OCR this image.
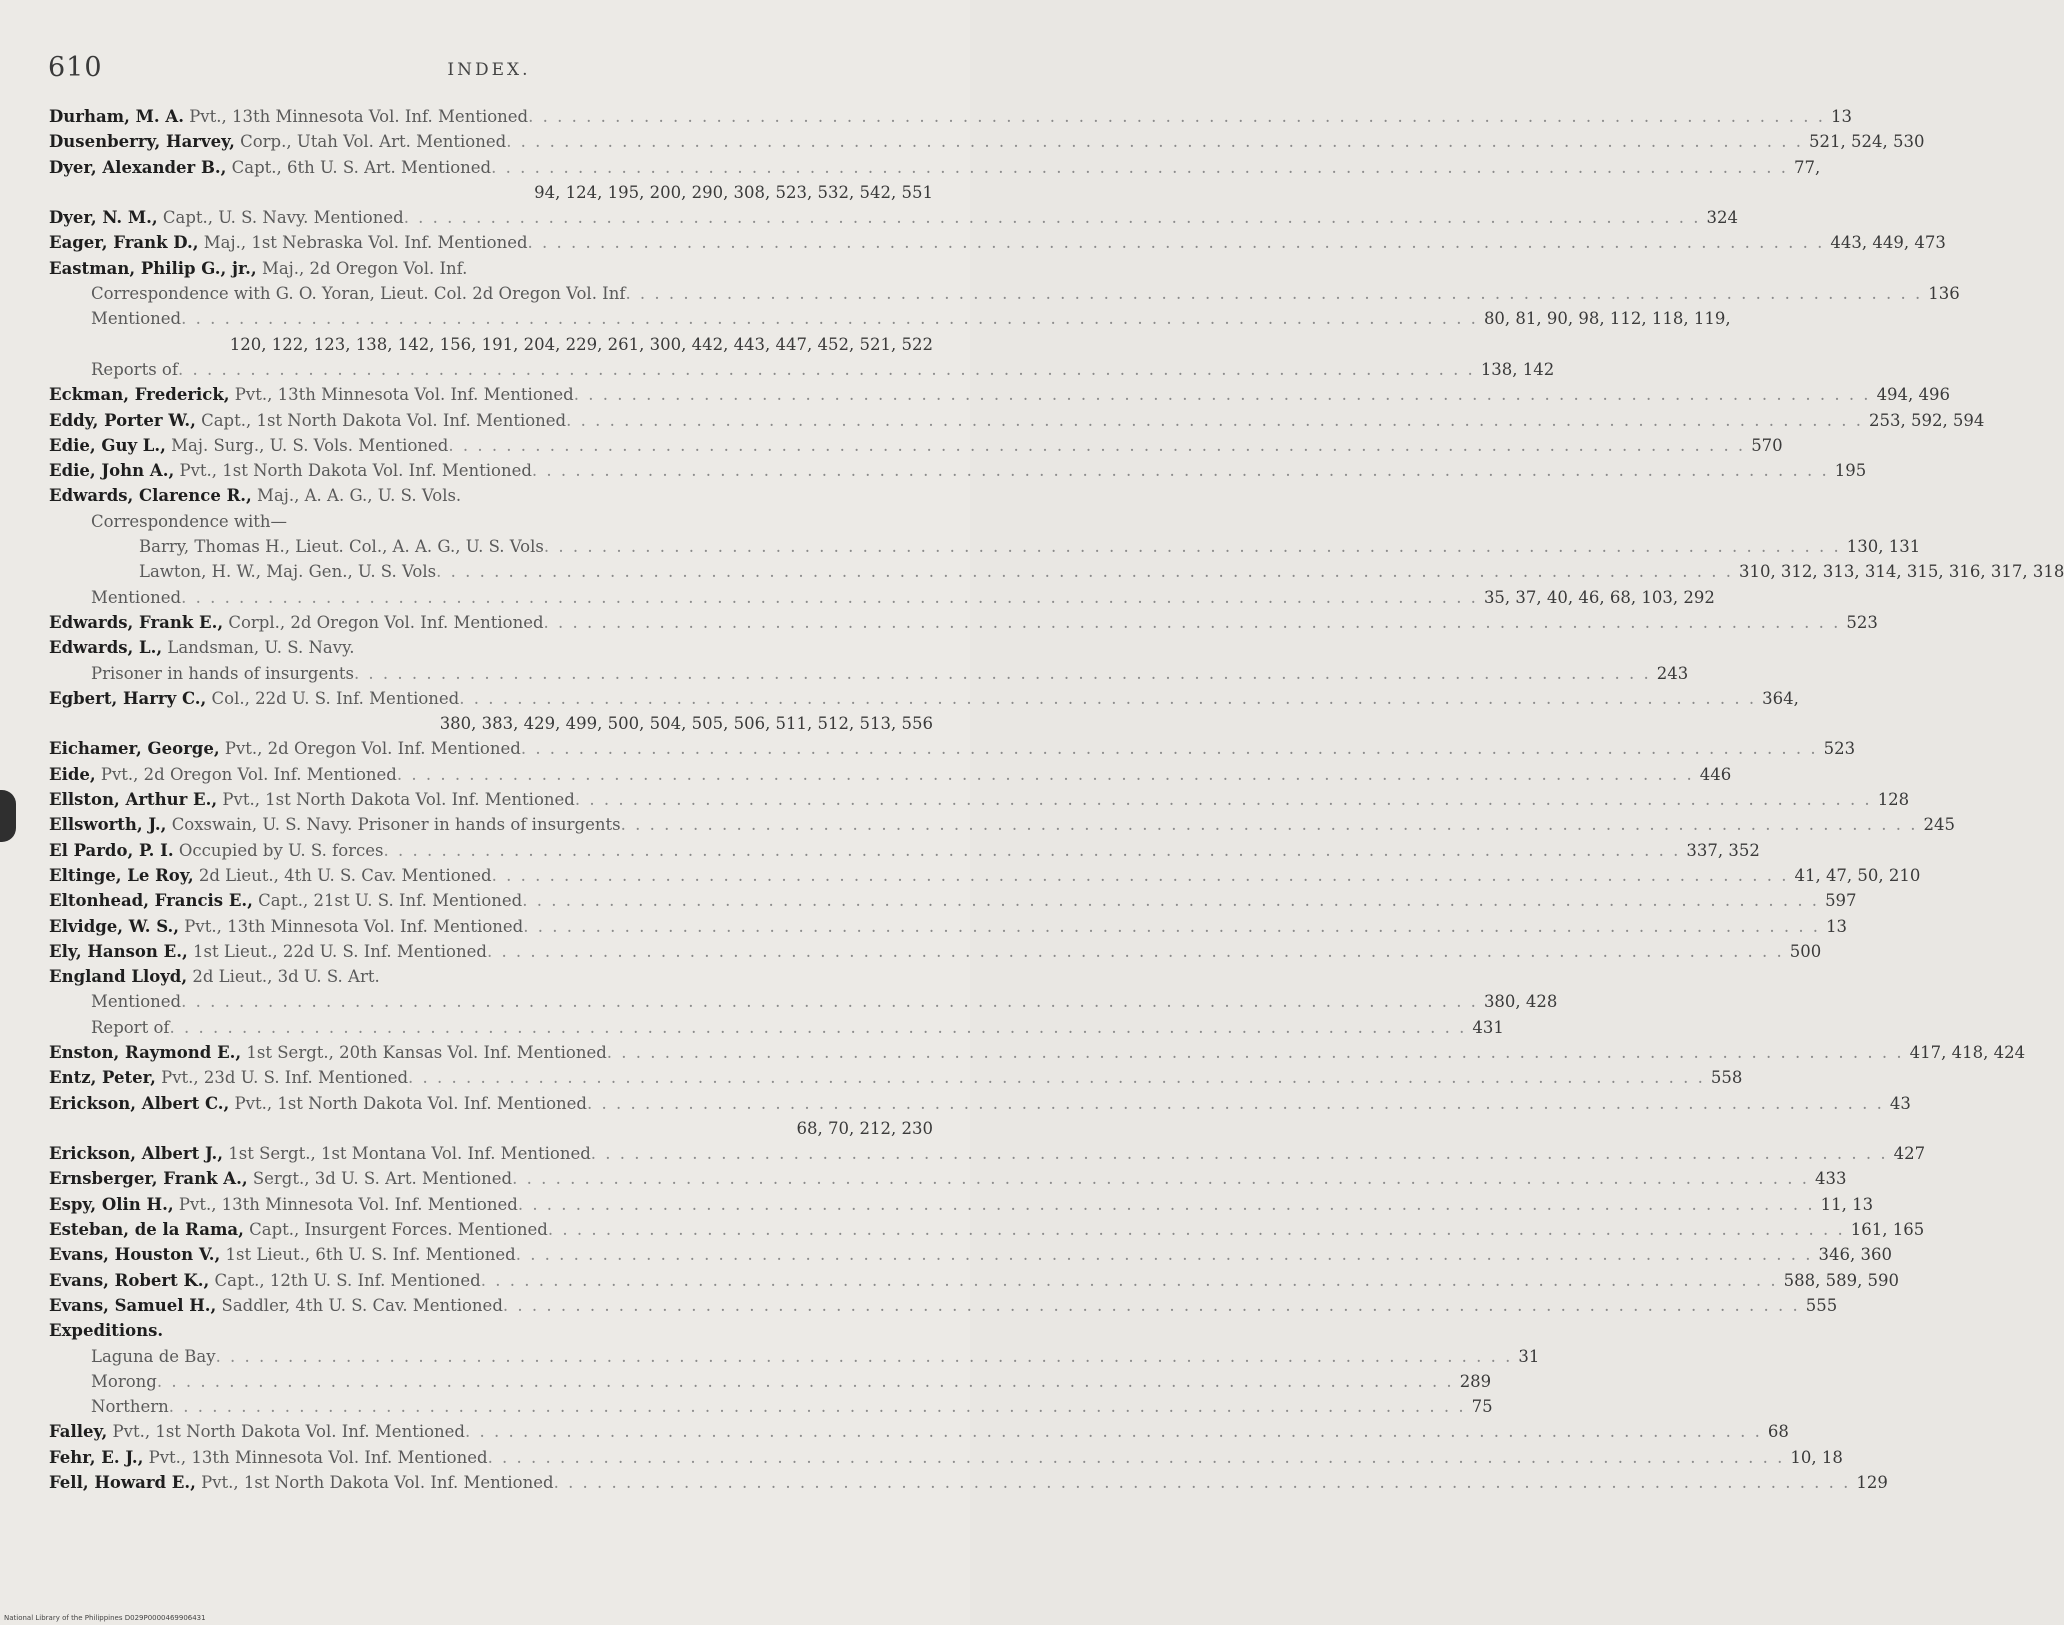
610	INDEX.
Durham, M. A. Pvt., 13th Minnesota Vol. Inf. Mentioned . . . . . . . . . . . . . . . . . . . . . . . . . . . . . . . . . . . . . . . . . . . . . . . . . . . . . . . . . . . . . . . . . . . . . . . . . . . . . . . . . . . . . . . . . . 13
Dusenberry, Harvey, Corp., Utah Vol. Art. Mentioned . . . . . . . . . . . . . . . . . . . . . . . . . . . . . . . . . . . . . . . . . . . . . . . . . . . . . . . . . . . . . . . . . . . . . . . . . . . . . . . . . . . . . . . . . . 521, 524, 530
Dyer, Alexander B., Capt., 6th U. S. Art. Mentioned . . . . . . . . . . . . . . . . . . . . . . . . . . . . . . . . . . . . . . . . . . . . . . . . . . . . . . . . . . . . . . . . . . . . . . . . . . . . . . . . . . . . . . . . . . 77,
94, 124, 195, 200, 290, 308, 523, 532, 542, 551
Dyer, N. M., Capt., U. S. Navy. Mentioned . . . . . . . . . . . . . . . . . . . . . . . . . . . . . . . . . . . . . . . . . . . . . . . . . . . . . . . . . . . . . . . . . . . . . . . . . . . . . . . . . . . . . . . . . . 324
Eager, Frank D., Maj., 1st Nebraska Vol. Inf. Mentioned . . . . . . . . . . . . . . . . . . . . . . . . . . . . . . . . . . . . . . . . . . . . . . . . . . . . . . . . . . . . . . . . . . . . . . . . . . . . . . . . . . . . . . . . . . 443, 449, 473
Eastman, Philip G., jr., Maj., 2d Oregon Vol. Inf.
Correspondence with G. O. Yoran, Lieut. Col. 2d Oregon Vol. Inf . . . . . . . . . . . . . . . . . . . . . . . . . . . . . . . . . . . . . . . . . . . . . . . . . . . . . . . . . . . . . . . . . . . . . . . . . . . . . . . . . . . . . . . . . . 136
Mentioned . . . . . . . . . . . . . . . . . . . . . . . . . . . . . . . . . . . . . . . . . . . . . . . . . . . . . . . . . . . . . . . . . . . . . . . . . . . . . . . . . . . . . . . . . . 80, 81, 90, 98, 112, 118, 119,
120, 122, 123, 138, 142, 156, 191, 204, 229, 261, 300, 442, 443, 447, 452, 521, 522
Reports of . . . . . . . . . . . . . . . . . . . . . . . . . . . . . . . . . . . . . . . . . . . . . . . . . . . . . . . . . . . . . . . . . . . . . . . . . . . . . . . . . . . . . . . . . . 138, 142
Eckman, Frederick, Pvt., 13th Minnesota Vol. Inf. Mentioned . . . . . . . . . . . . . . . . . . . . . . . . . . . . . . . . . . . . . . . . . . . . . . . . . . . . . . . . . . . . . . . . . . . . . . . . . . . . . . . . . . . . . . . . . . 494, 496
Eddy, Porter W., Capt., 1st North Dakota Vol. Inf. Mentioned . . . . . . . . . . . . . . . . . . . . . . . . . . . . . . . . . . . . . . . . . . . . . . . . . . . . . . . . . . . . . . . . . . . . . . . . . . . . . . . . . . . . . . . . . . 253, 592, 594
Edie, Guy L., Maj. Surg., U. S. Vols. Mentioned . . . . . . . . . . . . . . . . . . . . . . . . . . . . . . . . . . . . . . . . . . . . . . . . . . . . . . . . . . . . . . . . . . . . . . . . . . . . . . . . . . . . . . . . . . 570
Edie, John A., Pvt., 1st North Dakota Vol. Inf. Mentioned . . . . . . . . . . . . . . . . . . . . . . . . . . . . . . . . . . . . . . . . . . . . . . . . . . . . . . . . . . . . . . . . . . . . . . . . . . . . . . . . . . . . . . . . . . 195
Edwards, Clarence R., Maj., A. A. G., U. S. Vols.
Correspondence with—
Barry, Thomas H., Lieut. Col., A. A. G., U. S. Vols . . . . . . . . . . . . . . . . . . . . . . . . . . . . . . . . . . . . . . . . . . . . . . . . . . . . . . . . . . . . . . . . . . . . . . . . . . . . . . . . . . . . . . . . . . 130, 131
Lawton, H. W., Maj. Gen., U. S. Vols . . . . . . . . . . . . . . . . . . . . . . . . . . . . . . . . . . . . . . . . . . . . . . . . . . . . . . . . . . . . . . . . . . . . . . . . . . . . . . . . . . . . . . . . . . 310, 312, 313, 314, 315, 316, 317, 318
Mentioned . . . . . . . . . . . . . . . . . . . . . . . . . . . . . . . . . . . . . . . . . . . . . . . . . . . . . . . . . . . . . . . . . . . . . . . . . . . . . . . . . . . . . . . . . . 35, 37, 40, 46, 68, 103, 292
Edwards, Frank E., Corpl., 2d Oregon Vol. Inf. Mentioned . . . . . . . . . . . . . . . . . . . . . . . . . . . . . . . . . . . . . . . . . . . . . . . . . . . . . . . . . . . . . . . . . . . . . . . . . . . . . . . . . . . . . . . . . . 523
Edwards, L., Landsman, U. S. Navy.
Prisoner in hands of insurgents . . . . . . . . . . . . . . . . . . . . . . . . . . . . . . . . . . . . . . . . . . . . . . . . . . . . . . . . . . . . . . . . . . . . . . . . . . . . . . . . . . . . . . . . . . 243
Egbert, Harry C., Col., 22d U. S. Inf. Mentioned . . . . . . . . . . . . . . . . . . . . . . . . . . . . . . . . . . . . . . . . . . . . . . . . . . . . . . . . . . . . . . . . . . . . . . . . . . . . . . . . . . . . . . . . . . 364,
380, 383, 429, 499, 500, 504, 505, 506, 511, 512, 513, 556
Eichamer, George, Pvt., 2d Oregon Vol. Inf. Mentioned . . . . . . . . . . . . . . . . . . . . . . . . . . . . . . . . . . . . . . . . . . . . . . . . . . . . . . . . . . . . . . . . . . . . . . . . . . . . . . . . . . . . . . . . . . 523
Eide, Pvt., 2d Oregon Vol. Inf. Mentioned . . . . . . . . . . . . . . . . . . . . . . . . . . . . . . . . . . . . . . . . . . . . . . . . . . . . . . . . . . . . . . . . . . . . . . . . . . . . . . . . . . . . . . . . . . 446
Ellston, Arthur E., Pvt., 1st North Dakota Vol. Inf. Mentioned . . . . . . . . . . . . . . . . . . . . . . . . . . . . . . . . . . . . . . . . . . . . . . . . . . . . . . . . . . . . . . . . . . . . . . . . . . . . . . . . . . . . . . . . . . 128
Ellsworth, J., Coxswain, U. S. Navy. Prisoner in hands of insurgents . . . . . . . . . . . . . . . . . . . . . . . . . . . . . . . . . . . . . . . . . . . . . . . . . . . . . . . . . . . . . . . . . . . . . . . . . . . . . . . . . . . . . . . . . . 245
El Pardo, P. I. Occupied by U. S. forces . . . . . . . . . . . . . . . . . . . . . . . . . . . . . . . . . . . . . . . . . . . . . . . . . . . . . . . . . . . . . . . . . . . . . . . . . . . . . . . . . . . . . . . . . . 337, 352
Eltinge, Le Roy, 2d Lieut., 4th U. S. Cav. Mentioned . . . . . . . . . . . . . . . . . . . . . . . . . . . . . . . . . . . . . . . . . . . . . . . . . . . . . . . . . . . . . . . . . . . . . . . . . . . . . . . . . . . . . . . . . . 41, 47, 50, 210
Eltonhead, Francis E., Capt., 21st U. S. Inf. Mentioned . . . . . . . . . . . . . . . . . . . . . . . . . . . . . . . . . . . . . . . . . . . . . . . . . . . . . . . . . . . . . . . . . . . . . . . . . . . . . . . . . . . . . . . . . . 597
Elvidge, W. S., Pvt., 13th Minnesota Vol. Inf. Mentioned . . . . . . . . . . . . . . . . . . . . . . . . . . . . . . . . . . . . . . . . . . . . . . . . . . . . . . . . . . . . . . . . . . . . . . . . . . . . . . . . . . . . . . . . . . 13
Ely, Hanson E., 1st Lieut., 22d U. S. Inf. Mentioned . . . . . . . . . . . . . . . . . . . . . . . . . . . . . . . . . . . . . . . . . . . . . . . . . . . . . . . . . . . . . . . . . . . . . . . . . . . . . . . . . . . . . . . . . . 500
England Lloyd, 2d Lieut., 3d U. S. Art.
Mentioned . . . . . . . . . . . . . . . . . . . . . . . . . . . . . . . . . . . . . . . . . . . . . . . . . . . . . . . . . . . . . . . . . . . . . . . . . . . . . . . . . . . . . . . . . . 380, 428
Report of . . . . . . . . . . . . . . . . . . . . . . . . . . . . . . . . . . . . . . . . . . . . . . . . . . . . . . . . . . . . . . . . . . . . . . . . . . . . . . . . . . . . . . . . . . 431
Enston, Raymond E., 1st Sergt., 20th Kansas Vol. Inf. Mentioned . . . . . . . . . . . . . . . . . . . . . . . . . . . . . . . . . . . . . . . . . . . . . . . . . . . . . . . . . . . . . . . . . . . . . . . . . . . . . . . . . . . . . . . . . . 417, 418, 424
Entz, Peter, Pvt., 23d U. S. Inf. Mentioned . . . . . . . . . . . . . . . . . . . . . . . . . . . . . . . . . . . . . . . . . . . . . . . . . . . . . . . . . . . . . . . . . . . . . . . . . . . . . . . . . . . . . . . . . . 558
Erickson, Albert C., Pvt., 1st North Dakota Vol. Inf. Mentioned . . . . . . . . . . . . . . . . . . . . . . . . . . . . . . . . . . . . . . . . . . . . . . . . . . . . . . . . . . . . . . . . . . . . . . . . . . . . . . . . . . . . . . . . . . 43
68, 70, 212, 230
Erickson, Albert J., 1st Sergt., 1st Montana Vol. Inf. Mentioned . . . . . . . . . . . . . . . . . . . . . . . . . . . . . . . . . . . . . . . . . . . . . . . . . . . . . . . . . . . . . . . . . . . . . . . . . . . . . . . . . . . . . . . . . . 427
Ernsberger, Frank A., Sergt., 3d U. S. Art. Mentioned . . . . . . . . . . . . . . . . . . . . . . . . . . . . . . . . . . . . . . . . . . . . . . . . . . . . . . . . . . . . . . . . . . . . . . . . . . . . . . . . . . . . . . . . . . 433
Espy, Olin H., Pvt., 13th Minnesota Vol. Inf. Mentioned . . . . . . . . . . . . . . . . . . . . . . . . . . . . . . . . . . . . . . . . . . . . . . . . . . . . . . . . . . . . . . . . . . . . . . . . . . . . . . . . . . . . . . . . . . 11, 13
Esteban, de la Rama, Capt., Insurgent Forces. Mentioned . . . . . . . . . . . . . . . . . . . . . . . . . . . . . . . . . . . . . . . . . . . . . . . . . . . . . . . . . . . . . . . . . . . . . . . . . . . . . . . . . . . . . . . . . . 161, 165
Evans, Houston V., 1st Lieut., 6th U. S. Inf. Mentioned . . . . . . . . . . . . . . . . . . . . . . . . . . . . . . . . . . . . . . . . . . . . . . . . . . . . . . . . . . . . . . . . . . . . . . . . . . . . . . . . . . . . . . . . . . 346, 360
Evans, Robert K., Capt., 12th U. S. Inf. Mentioned . . . . . . . . . . . . . . . . . . . . . . . . . . . . . . . . . . . . . . . . . . . . . . . . . . . . . . . . . . . . . . . . . . . . . . . . . . . . . . . . . . . . . . . . . . 588, 589, 590
Evans, Samuel H., Saddler, 4th U. S. Cav. Mentioned . . . . . . . . . . . . . . . . . . . . . . . . . . . . . . . . . . . . . . . . . . . . . . . . . . . . . . . . . . . . . . . . . . . . . . . . . . . . . . . . . . . . . . . . . . 555
Expeditions.
Laguna de Bay . . . . . . . . . . . . . . . . . . . . . . . . . . . . . . . . . . . . . . . . . . . . . . . . . . . . . . . . . . . . . . . . . . . . . . . . . . . . . . . . . . . . . . . . . . 31
Morong . . . . . . . . . . . . . . . . . . . . . . . . . . . . . . . . . . . . . . . . . . . . . . . . . . . . . . . . . . . . . . . . . . . . . . . . . . . . . . . . . . . . . . . . . . 289
Northern . . . . . . . . . . . . . . . . . . . . . . . . . . . . . . . . . . . . . . . . . . . . . . . . . . . . . . . . . . . . . . . . . . . . . . . . . . . . . . . . . . . . . . . . . . 75
Falley, Pvt., 1st North Dakota Vol. Inf. Mentioned . . . . . . . . . . . . . . . . . . . . . . . . . . . . . . . . . . . . . . . . . . . . . . . . . . . . . . . . . . . . . . . . . . . . . . . . . . . . . . . . . . . . . . . . . . 68
Fehr, E. J., Pvt., 13th Minnesota Vol. Inf. Mentioned . . . . . . . . . . . . . . . . . . . . . . . . . . . . . . . . . . . . . . . . . . . . . . . . . . . . . . . . . . . . . . . . . . . . . . . . . . . . . . . . . . . . . . . . . . 10, 18
Fell, Howard E., Pvt., 1st North Dakota Vol. Inf. Mentioned . . . . . . . . . . . . . . . . . . . . . . . . . . . . . . . . . . . . . . . . . . . . . . . . . . . . . . . . . . . . . . . . . . . . . . . . . . . . . . . . . . . . . . . . . . 129
National Library of the Philippines D029P0000469906431
